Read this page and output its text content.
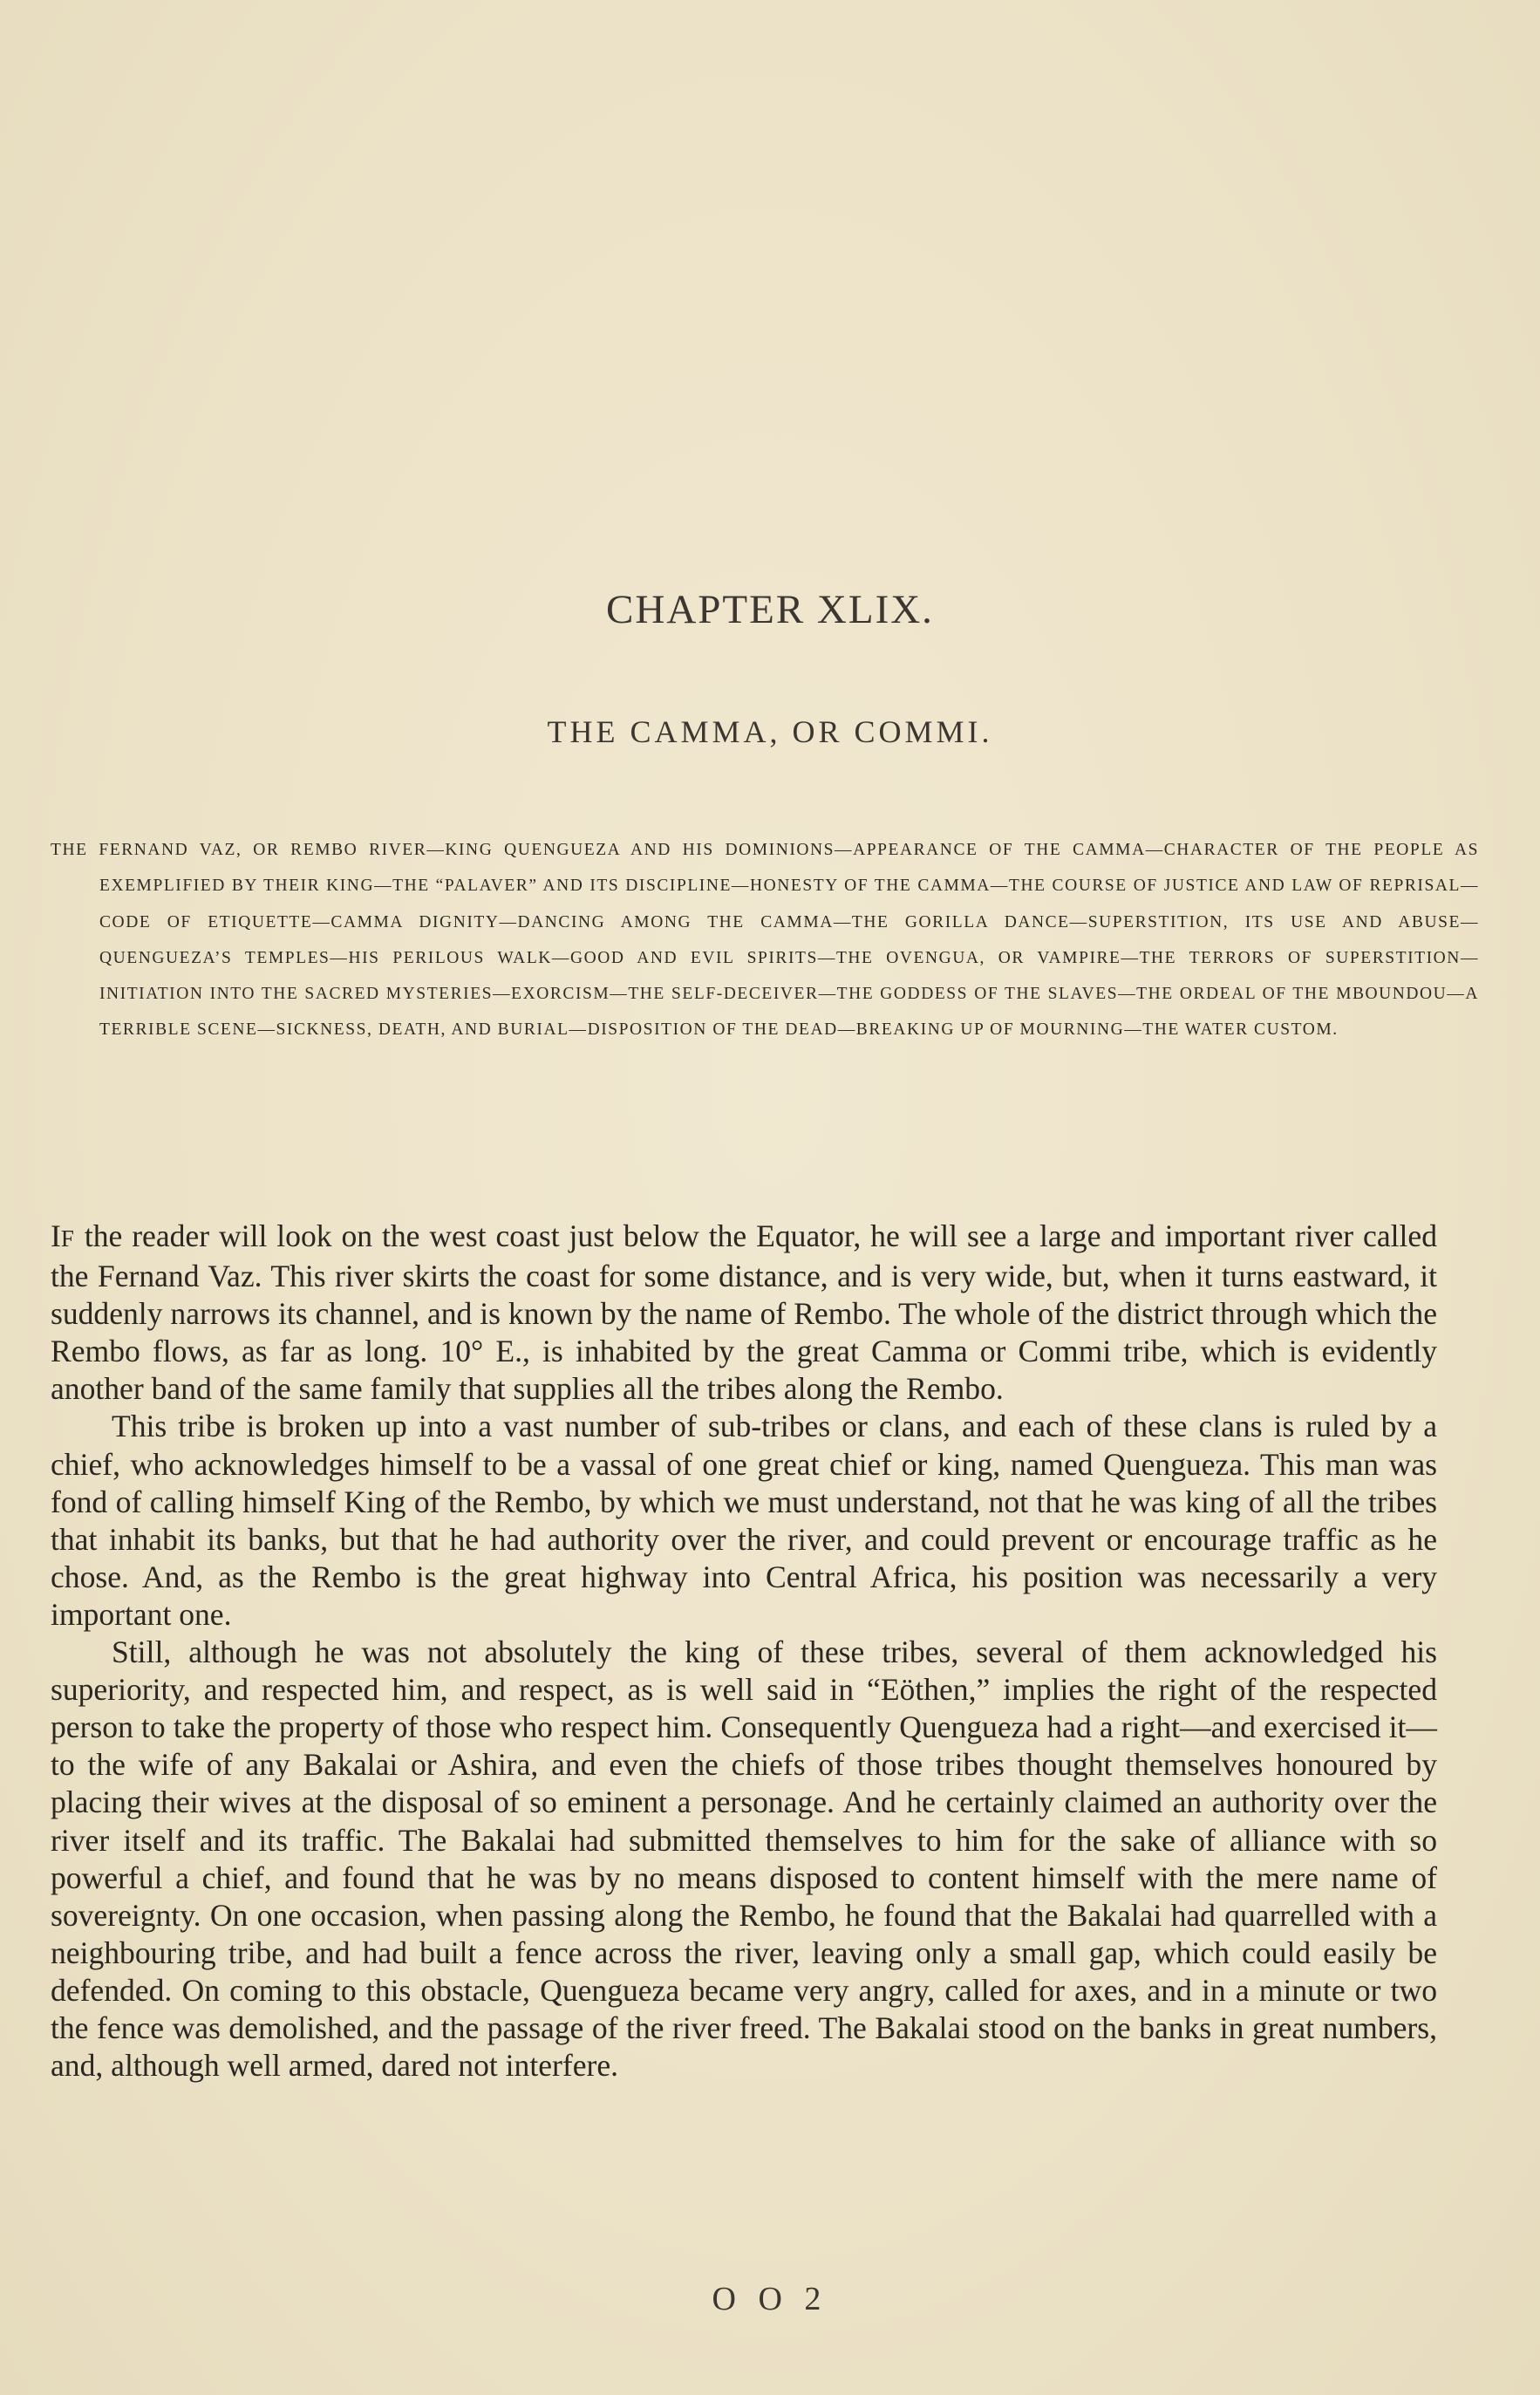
CHAPTER XLIX.
THE CAMMA, OR COMMI.

THE FERNAND VAZ, OR REMBO RIVER—KING QUENGUEZA AND HIS DOMINIONS—APPEARANCE OF THE CAMMA—CHARACTER OF THE PEOPLE AS EXEMPLIFIED BY THEIR KING—THE “PALAVER” AND ITS DISCIPLINE—HONESTY OF THE CAMMA—THE COURSE OF JUSTICE AND LAW OF REPRISAL—CODE OF ETIQUETTE—CAMMA DIGNITY—DANCING AMONG THE CAMMA—THE GORILLA DANCE—SUPERSTITION, ITS USE AND ABUSE—QUENGUEZA’S TEMPLES—HIS PERILOUS WALK—GOOD AND EVIL SPIRITS—THE OVENGUA, OR VAMPIRE—THE TERRORS OF SUPERSTITION—INITIATION INTO THE SACRED MYSTERIES—EXORCISM—THE SELF-DECEIVER—THE GODDESS OF THE SLAVES—THE ORDEAL OF THE MBOUNDOU—A TERRIBLE SCENE—SICKNESS, DEATH, AND BURIAL—DISPOSITION OF THE DEAD—BREAKING UP OF MOURNING—THE WATER CUSTOM.

IF the reader will look on the west coast just below the Equator, he will see a large and important river called the Fernand Vaz. This river skirts the coast for some distance, and is very wide, but, when it turns eastward, it suddenly narrows its channel, and is known by the name of Rembo. The whole of the district through which the Rembo flows, as far as long. 10° E., is inhabited by the great Camma or Commi tribe, which is evidently another band of the same family that supplies all the tribes along the Rembo.

This tribe is broken up into a vast number of sub-tribes or clans, and each of these clans is ruled by a chief, who acknowledges himself to be a vassal of one great chief or king, named Quengueza. This man was fond of calling himself King of the Rembo, by which we must understand, not that he was king of all the tribes that inhabit its banks, but that he had authority over the river, and could prevent or encourage traffic as he chose. And, as the Rembo is the great highway into Central Africa, his position was necessarily a very important one.

Still, although he was not absolutely the king of these tribes, several of them acknowledged his superiority, and respected him, and respect, as is well said in “Eöthen,” implies the right of the respected person to take the property of those who respect him. Consequently Quengueza had a right—and exercised it—to the wife of any Bakalai or Ashira, and even the chiefs of those tribes thought themselves honoured by placing their wives at the disposal of so eminent a personage. And he certainly claimed an authority over the river itself and its traffic. The Bakalai had submitted themselves to him for the sake of alliance with so powerful a chief, and found that he was by no means disposed to content himself with the mere name of sovereignty. On one occasion, when passing along the Rembo, he found that the Bakalai had quarrelled with a neighbouring tribe, and had built a fence across the river, leaving only a small gap, which could easily be defended. On coming to this obstacle, Quengueza became very angry, called for axes, and in a minute or two the fence was demolished, and the passage of the river freed. The Bakalai stood on the banks in great numbers, and, although well armed, dared not interfere.

O O 2
